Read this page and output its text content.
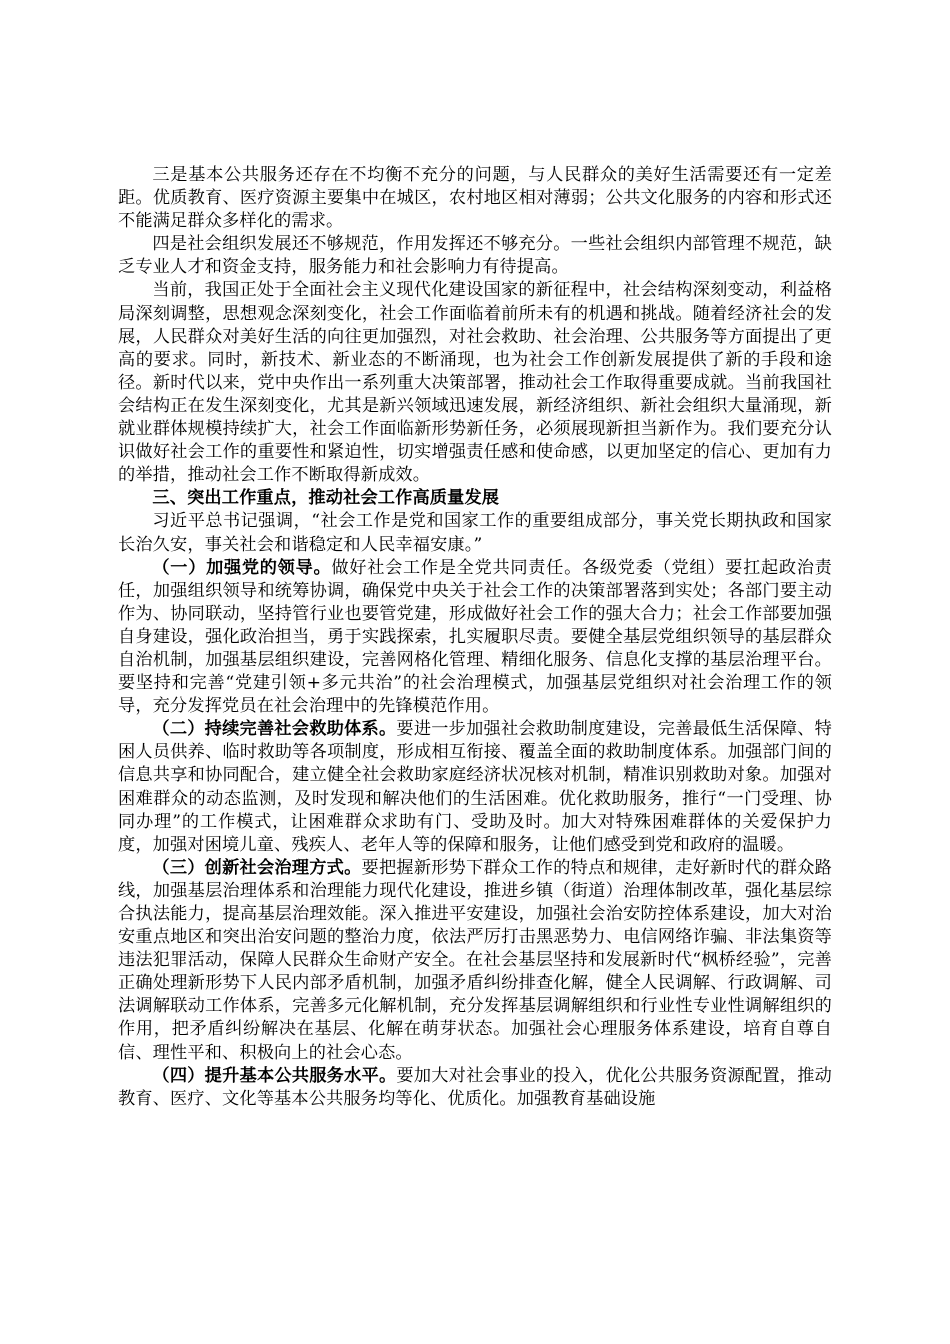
三是基本公共服务还存在不均衡不充分的问题，与人民群众的美好生活需要还有一定差距。优质教育、医疗资源主要集中在城区，农村地区相对薄弱；公共文化服务的内容和形式还不能满足群众多样化的需求。

四是社会组织发展还不够规范，作用发挥还不够充分。一些社会组织内部管理不规范，缺乏专业人才和资金支持，服务能力和社会影响力有待提高。

当前，我国正处于全面社会主义现代化建设国家的新征程中，社会结构深刻变动，利益格局深刻调整，思想观念深刻变化，社会工作面临着前所未有的机遇和挑战。随着经济社会的发展，人民群众对美好生活的向往更加强烈，对社会救助、社会治理、公共服务等方面提出了更高的要求。同时，新技术、新业态的不断涌现，也为社会工作创新发展提供了新的手段和途径。新时代以来，党中央作出一系列重大决策部署，推动社会工作取得重要成就。当前我国社会结构正在发生深刻变化，尤其是新兴领域迅速发展，新经济组织、新社会组织大量涌现，新就业群体规模持续扩大，社会工作面临新形势新任务，必须展现新担当新作为。我们要充分认识做好社会工作的重要性和紧迫性，切实增强责任感和使命感，以更加坚定的信心、更加有力的举措，推动社会工作不断取得新成效。

三、突出工作重点，推动社会工作高质量发展

习近平总书记强调，“社会工作是党和国家工作的重要组成部分，事关党长期执政和国家长治久安，事关社会和谐稳定和人民幸福安康。”

（一）加强党的领导。做好社会工作是全党共同责任。各级党委（党组）要扛起政治责任，加强组织领导和统筹协调，确保党中央关于社会工作的决策部署落到实处；各部门要主动作为、协同联动，坚持管行业也要管党建，形成做好社会工作的强大合力；社会工作部要加强自身建设，强化政治担当，勇于实践探索，扎实履职尽责。要健全基层党组织领导的基层群众自治机制，加强基层组织建设，完善网格化管理、精细化服务、信息化支撑的基层治理平台。要坚持和完善“党建引领+多元共治”的社会治理模式，加强基层党组织对社会治理工作的领导，充分发挥党员在社会治理中的先锋模范作用。

（二）持续完善社会救助体系。要进一步加强社会救助制度建设，完善最低生活保障、特困人员供养、临时救助等各项制度，形成相互衔接、覆盖全面的救助制度体系。加强部门间的信息共享和协同配合，建立健全社会救助家庭经济状况核对机制，精准识别救助对象。加强对困难群众的动态监测，及时发现和解决他们的生活困难。优化救助服务，推行“一门受理、协同办理”的工作模式，让困难群众求助有门、受助及时。加大对特殊困难群体的关爱保护力度，加强对困境儿童、残疾人、老年人等的保障和服务，让他们感受到党和政府的温暖。

（三）创新社会治理方式。要把握新形势下群众工作的特点和规律，走好新时代的群众路线，加强基层治理体系和治理能力现代化建设，推进乡镇（街道）治理体制改革，强化基层综合执法能力，提高基层治理效能。深入推进平安建设，加强社会治安防控体系建设，加大对治安重点地区和突出治安问题的整治力度，依法严厉打击黑恶势力、电信网络诈骗、非法集资等违法犯罪活动，保障人民群众生命财产安全。在社会基层坚持和发展新时代“枫桥经验”，完善正确处理新形势下人民内部矛盾机制，加强矛盾纠纷排查化解，健全人民调解、行政调解、司法调解联动工作体系，完善多元化解机制，充分发挥基层调解组织和行业性专业性调解组织的作用，把矛盾纠纷解决在基层、化解在萌芽状态。加强社会心理服务体系建设，培育自尊自信、理性平和、积极向上的社会心态。

（四）提升基本公共服务水平。要加大对社会事业的投入，优化公共服务资源配置，推动教育、医疗、文化等基本公共服务均等化、优质化。加强教育基础设施
